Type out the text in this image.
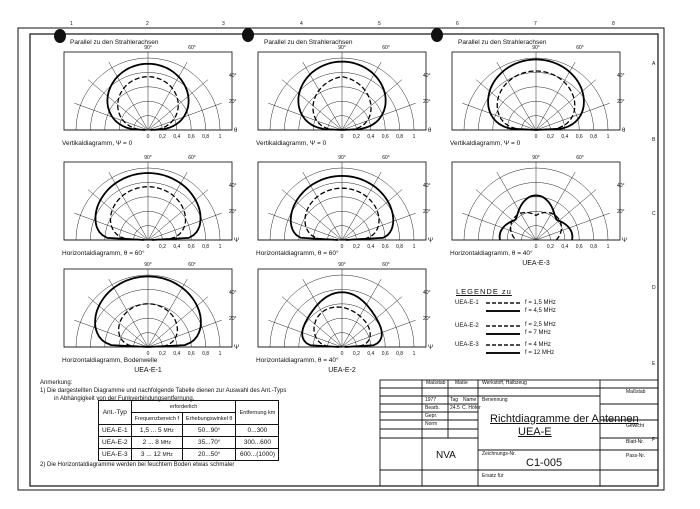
1	2	3	4	5	6	7	8
A
B
C
D
E
F
0 0,2 0,4 0,6 0,8 1
90°	60°
40°
20°
θ
Parallel zu den Strahlerachsen
Vertikaldiagramm, Ψ = 0
0 0,2 0,4 0,6 0,8 1
90°	60°
40°
20°
θ
Parallel zu den Strahlerachsen
Vertikaldiagramm, Ψ = 0
0 0,2 0,4 0,6 0,8 1
90°	60°
40°
20°
θ
Parallel zu den Strahlerachsen
Vertikaldiagramm, Ψ = 0
0 0,2 0,4 0,6 0,8 1
90°	60°
40°
20°
Ψ
Horizontaldiagramm, θ = 60°
0 0,2 0,4 0,6 0,8 1
90°	60°
40°
20°
Ψ
Horizontaldiagramm, θ = 60°
0 0,2 0,4 0,6 0,8 1
90°	60°
40°
20°
Ψ
Horizontaldiagramm, θ = 40°
UEA-E-3
0 0,2 0,4 0,6 0,8 1
90°	60°
40°
20°
Ψ
Horizontaldiagramm, Bodenwelle
UEA-E-1
0 0,2 0,4 0,6 0,8 1
90°	60°
40°
20°
Ψ
Horizontaldiagramm, θ = 40°
UEA-E-2
LEGENDE zu
UEA-E-1	f = 1,5 MHz
f = 4,5 MHz
UEA-E-2	f = 2,5 MHz
f = 7 MHz
UEA-E-3	f = 4 MHz
f = 12 MHz
Anmerkung:
1) Die dargestellten Diagramme und nachfolgende Tabelle dienen zur Auswahl des Ant.-Typs
in Abhängigkeit von der Funkverbindungsentfernung.
2) Die Horizontaldiagramme werden bei feuchtem Boden etwas schmaler
Ant.-Typ	erforderlich		Entfernung km
	Frequenzbereich f	Erhebungswinkel θ	
UEA-E-1	1,5 ... 5 MHz	50...90°	0...300
UEA-E-2	2 ... 8 MHz	35...70°	300...600
UEA-E-3	3 ... 12 MHz	20...50°	600...(1000)
Maßstab Maße	Werkstoff, Halbzeug
Benennung
1977	Tag Name
Bearb. 24.5 C. Höfer
Gepr.
Norm	Richtdiagramme der Antennen
UEA-E
NVA	Zeichnungs-Nr.
C1-005
Ersatz für
Maßstab
Gewicht
Blatt-Nr.
Pass-Nr.
